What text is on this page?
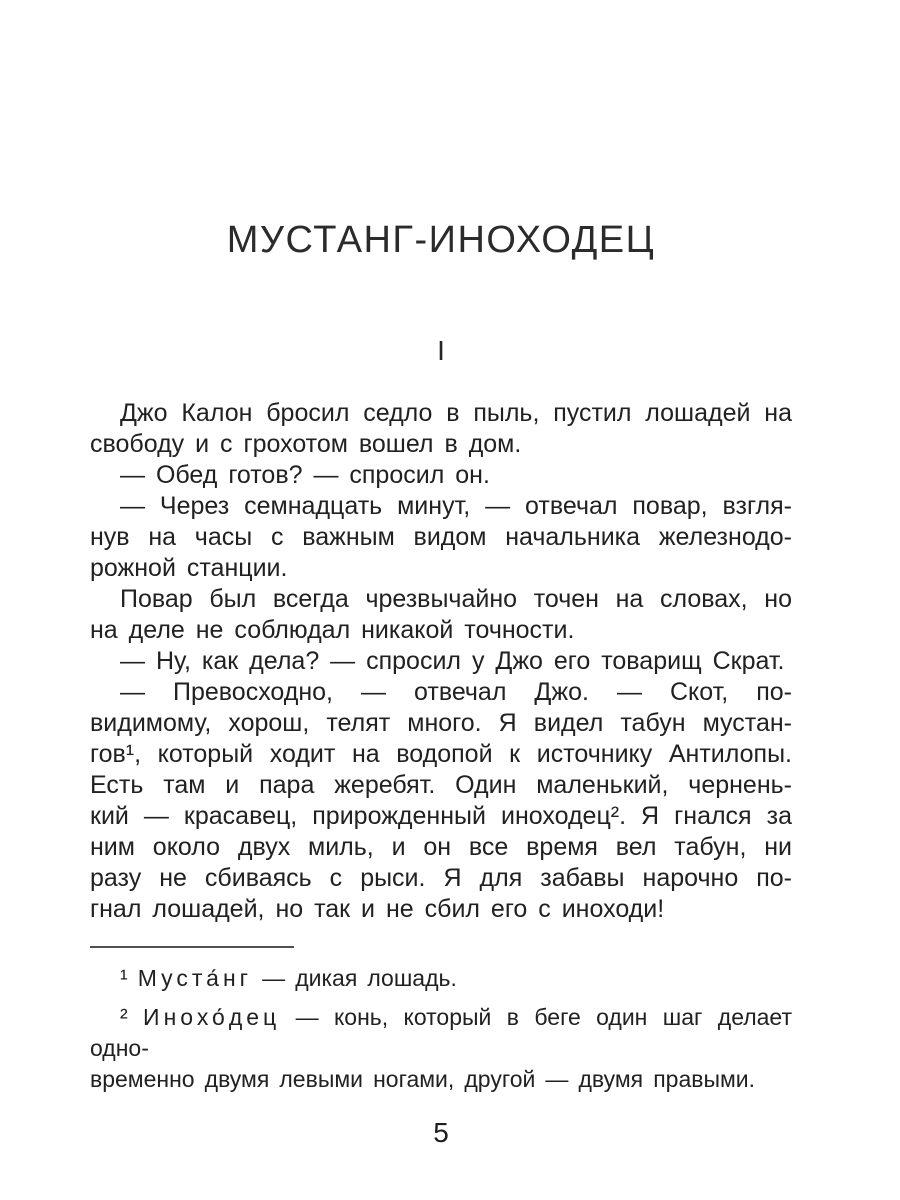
МУСТАНГ-ИНОХОДЕЦ
I
Джо Калон бросил седло в пыль, пустил лошадей на
свободу и с грохотом вошел в дом.
— Обед готов? — спросил он.
— Через семнадцать минут, — отвечал повар, взгля-
нув на часы с важным видом начальника железнодо-
рожной станции.
Повар был всегда чрезвычайно точен на словах, но
на деле не соблюдал никакой точности.
— Ну, как дела? — спросил у Джо его товарищ Скрат.
— Превосходно, — отвечал Джо. — Скот, по-
видимому, хорош, телят много. Я видел табун мустан-
гов¹, который ходит на водопой к источнику Антилопы.
Есть там и пара жеребят. Один маленький, чернень-
кий — красавец, прирожденный иноходец². Я гнался за
ним около двух миль, и он все время вел табун, ни
разу не сбиваясь с рыси. Я для забавы нарочно по-
гнал лошадей, но так и не сбил его с иноходи!
¹ Муста́нг — дикая лошадь.
² Инохо́дец — конь, который в беге один шаг делает одно-
временно двумя левыми ногами, другой — двумя правыми.
5
